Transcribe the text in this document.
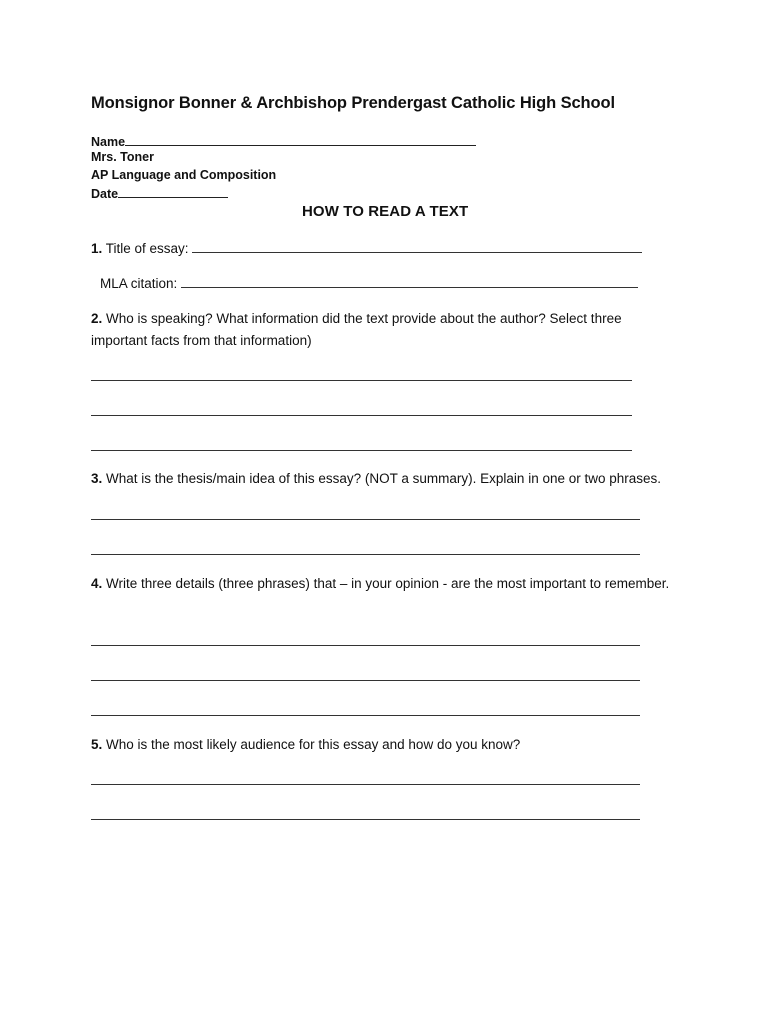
Monsignor Bonner & Archbishop Prendergast Catholic High School
Name
Mrs. Toner
AP Language and Composition
Date
HOW TO READ A TEXT
1. Title of essay:
MLA citation:
2. Who is speaking? What information did the text provide about the author? Select three important facts from that information)
3. What is the thesis/main idea of this essay? (NOT a summary). Explain in one or two phrases.
4. Write three details (three phrases) that – in your opinion - are the most important to remember.
5. Who is the most likely audience for this essay and how do you know?
